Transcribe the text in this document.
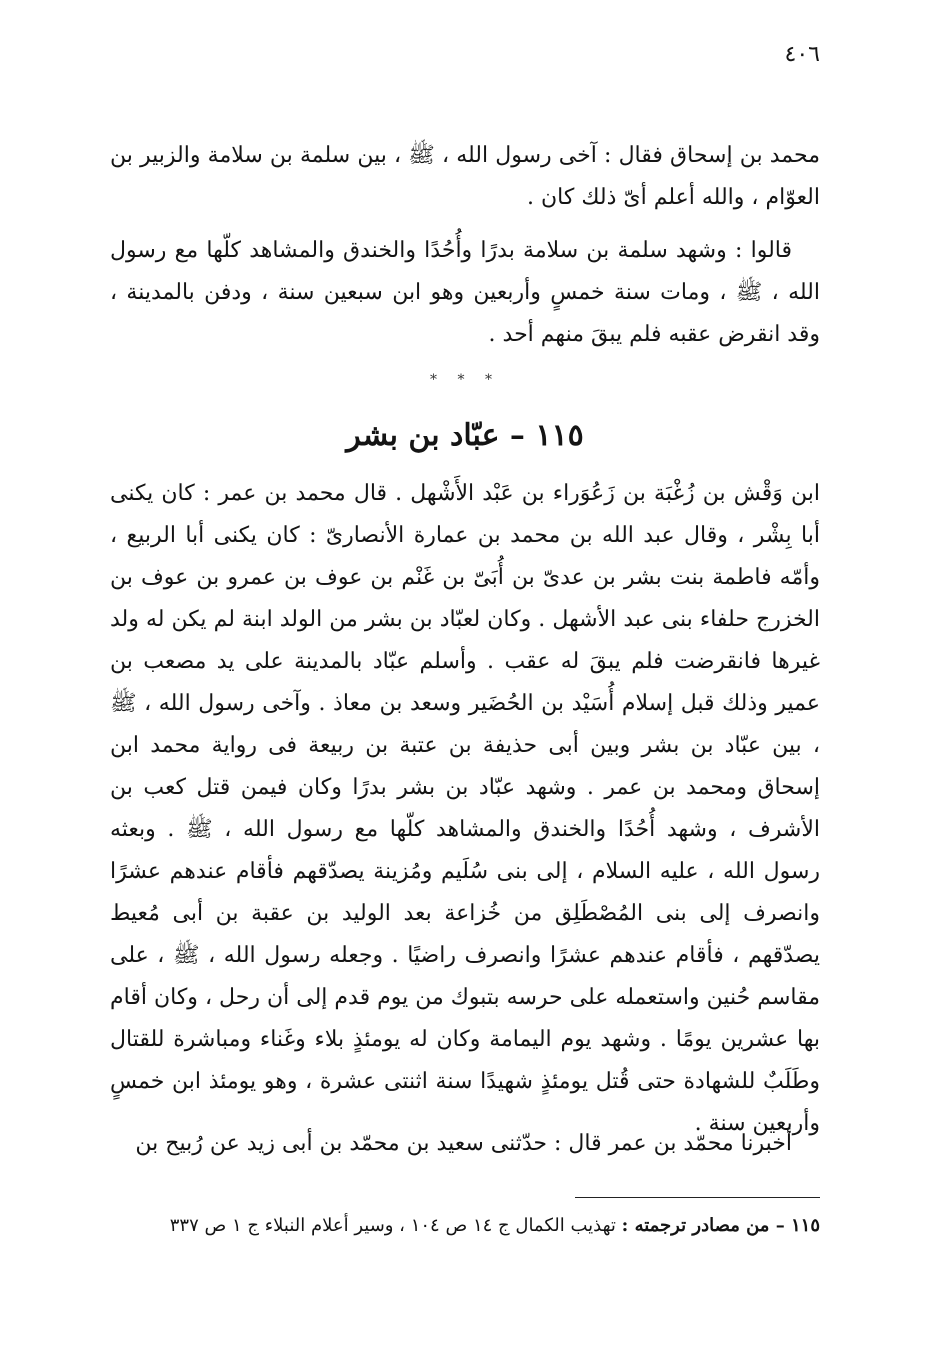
٤٠٦

محمد بن إسحاق فقال : آخى رسول الله ، ﷺ ، بين سلمة بن سلامة والزبير بن العوّام ، والله أعلم أىّ ذلك كان .

قالوا : وشهد سلمة بن سلامة بدرًا وأُحُدًا والخندق والمشاهد كلّها مع رسول الله ، ﷺ ، ومات سنة خمسٍ وأربعين وهو ابن سبعين سنة ، ودفن بالمدينة ، وقد انقرض عقبه فلم يبقَ منهم أحد .

* * *
١١٥ – عبّاد بن بشر

ابن وَقْش بن زُغْبَة بن زَعُوَراء بن عَبْد الأَشْهل . قال محمد بن عمر : كان يكنى أبا بِشْر ، وقال عبد الله بن محمد بن عمارة الأنصارىّ : كان يكنى أبا الربيع ، وأمّه فاطمة بنت بشر بن عدىّ بن أُبَىّ بن غَنْم بن عوف بن عمرو بن عوف بن الخزرج حلفاء بنى عبد الأشهل . وكان لعبّاد بن بشر من الولد ابنة لم يكن له ولد غيرها فانقرضت فلم يبقَ له عقب . وأسلم عبّاد بالمدينة على يد مصعب بن عمير وذلك قبل إسلام أُسَيْد بن الحُضَير وسعد بن معاذ . وآخى رسول الله ، ﷺ ، بين عبّاد بن بشر وبين أبى حذيفة بن عتبة بن ربيعة فى رواية محمد ابن إسحاق ومحمد بن عمر . وشهد عبّاد بن بشر بدرًا وكان فيمن قتل كعب بن الأشرف ، وشهد أُحُدًا والخندق والمشاهد كلّها مع رسول الله ، ﷺ . وبعثه رسول الله ، عليه السلام ، إلى بنى سُلَيم ومُزينة يصدّقهم فأقام عندهم عشرًا وانصرف إلى بنى المُصْطَلِق من خُزاعة بعد الوليد بن عقبة بن أبى مُعيط يصدّقهم ، فأقام عندهم عشرًا وانصرف راضيًا . وجعله رسول الله ، ﷺ ، على مقاسم حُنين واستعمله على حرسه بتبوك من يوم قدم إلى أن رحل ، وكان أقام بها عشرين يومًا . وشهد يوم اليمامة وكان له يومئذٍ بلاء وغَناء ومباشرة للقتال وطَلَبٌ للشهادة حتى قُتل يومئذٍ شهيدًا سنة اثنتى عشرة ، وهو يومئذ ابن خمسٍ وأربعين سنة .

أخبرنا محمّد بن عمر قال : حدّثنى سعيد بن محمّد بن أبى زيد عن رُبيح بن

١١٥ – من مصادر ترجمته : تهذيب الكمال ج ١٤ ص ١٠٤ ، وسير أعلام النبلاء ج ١ ص ٣٣٧
